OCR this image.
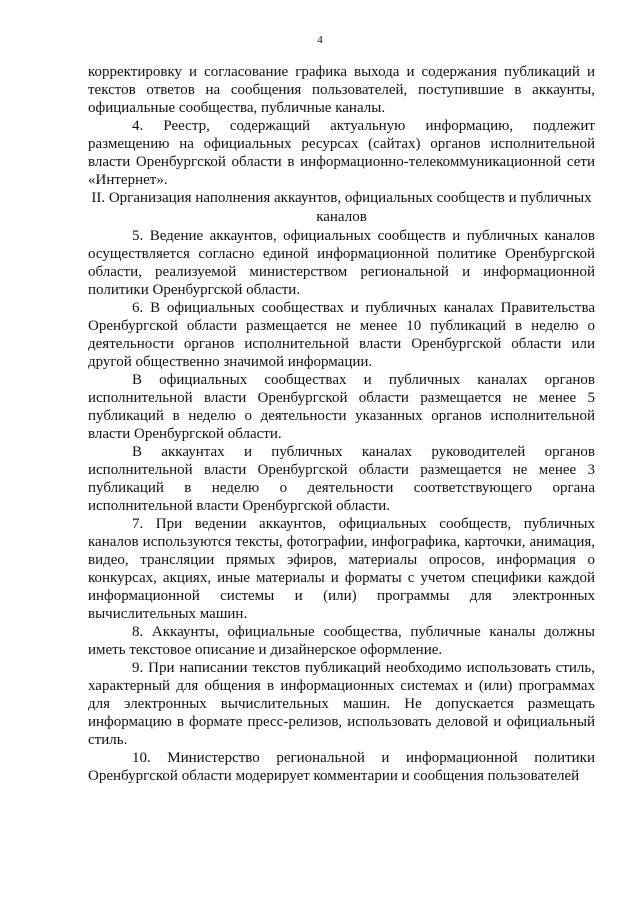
4

корректировку и согласование графика выхода и содержания публикаций и текстов ответов на сообщения пользователей, поступившие в аккаунты, официальные сообщества, публичные каналы.

4. Реестр, содержащий актуальную информацию, подлежит размещению на официальных ресурсах (сайтах) органов исполнительной власти Оренбургской области в информационно-телекоммуникационной сети «Интернет».

II. Организация наполнения аккаунтов, официальных сообществ и публичных каналов

5. Ведение аккаунтов, официальных сообществ и публичных каналов осуществляется согласно единой информационной политике Оренбургской области, реализуемой министерством региональной и информационной политики Оренбургской области.

6. В официальных сообществах и публичных каналах Правительства Оренбургской области размещается не менее 10 публикаций в неделю о деятельности органов исполнительной власти Оренбургской области или другой общественно значимой информации.

В официальных сообществах и публичных каналах органов исполнительной власти Оренбургской области размещается не менее 5 публикаций в неделю о деятельности указанных органов исполнительной власти Оренбургской области.

В аккаунтах и публичных каналах руководителей органов исполнительной власти Оренбургской области размещается не менее 3 публикаций в неделю о деятельности соответствующего органа исполнительной власти Оренбургской области.

7. При ведении аккаунтов, официальных сообществ, публичных каналов используются тексты, фотографии, инфографика, карточки, анимация, видео, трансляции прямых эфиров, материалы опросов, информация о конкурсах, акциях, иные материалы и форматы с учетом специфики каждой информационной системы и (или) программы для электронных вычислительных машин.

8. Аккаунты, официальные сообщества, публичные каналы должны иметь текстовое описание и дизайнерское оформление.

9. При написании текстов публикаций необходимо использовать стиль, характерный для общения в информационных системах и (или) программах для электронных вычислительных машин. Не допускается размещать информацию в формате пресс-релизов, использовать деловой и официальный стиль.

10. Министерство региональной и информационной политики Оренбургской области модерирует комментарии и сообщения пользователей
